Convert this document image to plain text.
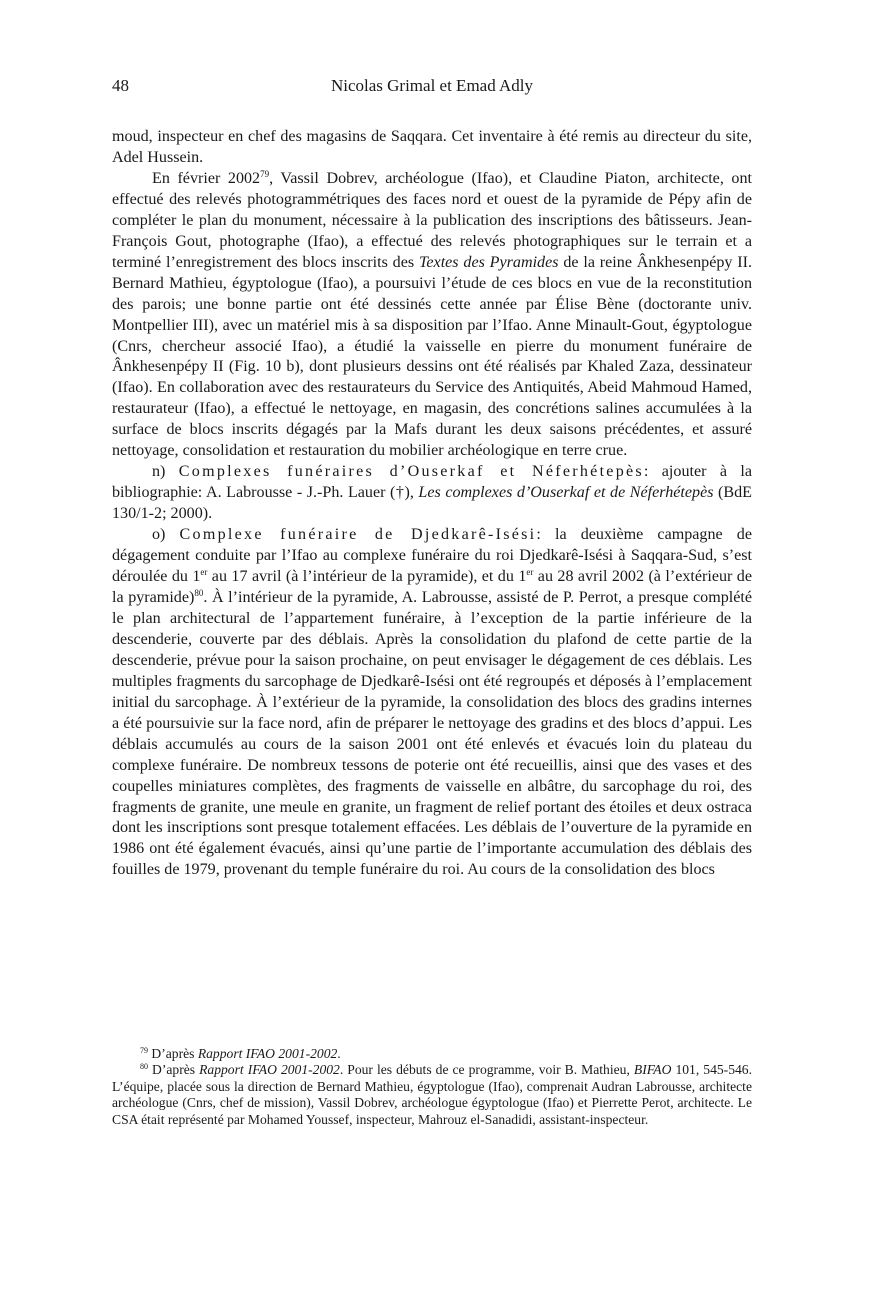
48	Nicolas Grimal et Emad Adly

moud, inspecteur en chef des magasins de Saqqara. Cet inventaire à été remis au directeur du site, Adel Hussein.

En février 2002$^{79}$, Vassil Dobrev, archéologue (Ifao), et Claudine Piaton, architecte, ont effectué des relevés photogrammétriques des faces nord et ouest de la pyramide de Pépy afin de compléter le plan du monument, nécessaire à la publication des inscriptions des bâtisseurs. Jean-François Gout, photographe (Ifao), a effectué des relevés photographiques sur le terrain et a terminé l’enregistrement des blocs inscrits des Textes des Pyramides de la reine Ânkhesenpépy II. Bernard Mathieu, égyptologue (Ifao), a poursuivi l’étude de ces blocs en vue de la reconstitution des parois; une bonne partie ont été dessinés cette année par Élise Bène (doctorante univ. Montpellier III), avec un matériel mis à sa disposition par l’Ifao. Anne Minault-Gout, égyptologue (Cnrs, chercheur associé Ifao), a étudié la vaisselle en pierre du monument funéraire de Ânkhesenpépy II (Fig. 10 b), dont plusieurs dessins ont été réalisés par Khaled Zaza, dessinateur (Ifao). En collaboration avec des restaurateurs du Service des Antiquités, Abeid Mahmoud Hamed, restaurateur (Ifao), a effectué le nettoyage, en magasin, des concrétions salines accumulées à la surface de blocs inscrits dégagés par la Mafs durant les deux saisons précédentes, et assuré nettoyage, consolidation et restauration du mobilier archéologique en terre crue.

n) Complexes funéraires d’Ouserkaf et Néferhétepès: ajouter à la bibliographie: A. Labrousse - J.-Ph. Lauer (†), Les complexes d’Ouserkaf et de Néferhétepès (BdE 130/1-2; 2000).

o) Complexe funéraire de Djedkarê-Isési: la deuxième campagne de dégagement conduite par l’Ifao au complexe funéraire du roi Djedkarê-Isési à Saqqara-Sud, s’est déroulée du 1er au 17 avril (à l’intérieur de la pyramide), et du 1er au 28 avril 2002 (à l’extérieur de la pyramide)$^{80}$. À l’intérieur de la pyramide, A. Labrousse, assisté de P. Perrot, a presque complété le plan architectural de l’appartement funéraire, à l’exception de la partie inférieure de la descenderie, couverte par des déblais. Après la consolidation du plafond de cette partie de la descenderie, prévue pour la saison prochaine, on peut envisager le dégagement de ces déblais. Les multiples fragments du sarcophage de Djedkarê-Isési ont été regroupés et déposés à l’emplacement initial du sarcophage. À l’extérieur de la pyramide, la consolidation des blocs des gradins internes a été poursuivie sur la face nord, afin de préparer le nettoyage des gradins et des blocs d’appui. Les déblais accumulés au cours de la saison 2001 ont été enlevés et évacués loin du plateau du complexe funéraire. De nombreux tessons de poterie ont été recueillis, ainsi que des vases et des coupelles miniatures complètes, des fragments de vaisselle en albâtre, du sarcophage du roi, des fragments de granite, une meule en granite, un fragment de relief portant des étoiles et deux ostraca dont les inscriptions sont presque totalement effacées. Les déblais de l’ouverture de la pyramide en 1986 ont été également évacués, ainsi qu’une partie de l’importante accumulation des déblais des fouilles de 1979, provenant du temple funéraire du roi. Au cours de la consolidation des blocs

$^{79}$ D’après Rapport IFAO 2001-2002.

$^{80}$ D’après Rapport IFAO 2001-2002. Pour les débuts de ce programme, voir B. Mathieu, BIFAO 101, 545-546. L’équipe, placée sous la direction de Bernard Mathieu, égyptologue (Ifao), comprenait Audran Labrousse, architecte archéologue (Cnrs, chef de mission), Vassil Dobrev, archéologue égyptologue (Ifao) et Pierrette Perot, architecte. Le CSA était représenté par Mohamed Youssef, inspecteur, Mahrouz el-Sanadidi, assistant-inspecteur.
